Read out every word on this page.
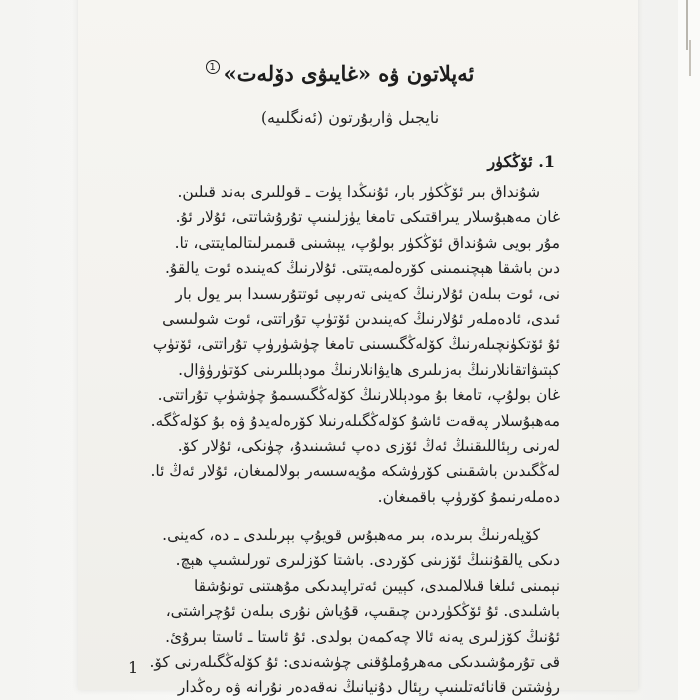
ئەپلاتون ۋە «غايىۋى دۆلەت»
1
نايجىل ۋاربۇرتون (ئەنگلىيە)
1. ئۆڭكۈر
شۇنداق بىر ئۆڭكۈر بار، ئۇنىڭدا پۈت ـ قوللىرى بەند قىلىن.
غان مەھبۇسلار يىراقتىكى تامغا يۈزلىنىپ تۇرۇشاتتى، ئۇلار ئۇ.
مۇر بويى شۇنداق ئۆڭكۈر بولۇپ، يېشىنى قىمىرلىتالمايتتى، تا.
دىن باشقا ھېچنىمىنى كۆرەلمەيتتى. ئۇلارنىڭ كەينىدە ئوت يالقۇ.
نى، ئوت بىلەن ئۇلارنىڭ كەينى تەرىپى ئوتتۇرىسىدا بىر يول بار
ئىدى، ئادەملەر ئۇلارنىڭ كەينىدىن ئۆتۈپ تۇراتتى، ئوت شولىسى
ئۇ ئۆتكۈنچىلەرنىڭ كۆلەڭگىسىنى تامغا چۈشۈرۈپ تۇراتتى، ئۆتۈپ
كېتىۋاتقانلارنىڭ بەزىلىرى ھايۋانلارنىڭ مودېللىرىنى كۆتۈرۈۋال.
غان بولۇپ، تامغا بۇ مودېللارنىڭ كۆلەڭگىسىمۇ چۈشۈپ تۇراتتى.
مەھبۇسلار پەقەت ئاشۇ كۆلەڭگىلەرنىلا كۆرەلەيدۇ ۋە بۇ كۆلەڭگە.
لەرنى رېئاللىقنىڭ ئەڭ ئۆزى دەپ ئىشىنىدۇ، چۈنكى، ئۇلار كۆ.
لەڭگىدىن باشقىنى كۆرۈشكە مۇيەسسەر بولالمىغان، ئۇلار ئەڭ ئا.
دەملەرنىمۇ كۆرۈپ باقمىغان.
كۆپلەرنىڭ بىرىدە، بىر مەھبۇس قويۇپ بېرىلىدى ـ دە، كەينى.
دىكى يالقۇننىڭ ئۆزىنى كۆردى. باشتا كۆزلىرى تورلىشىپ ھېچ.
نېمىنى ئىلغا قىلالمىدى، كېيىن ئەتراپىدىكى مۇھىتنى تونۇشقا
باشلىدى. ئۇ ئۆڭكۈردىن چىقىپ، قۇياش نۇرى بىلەن ئۇچراشتى،
ئۇنىڭ كۆزلىرى يەنە ئالا چەكمەن بولدى. ئۇ ئاستا ـ ئاستا بىرۇئ.
قى تۇرمۇشىدىكى مەھرۇملۇقنى چۈشەندى: ئۇ كۆلەڭگىلەرنى كۆ.
رۈشتىن قانائەتلىنىپ رېئال دۇنيانىڭ نەقەدەر نۇرانە ۋە رەڭدار
1
